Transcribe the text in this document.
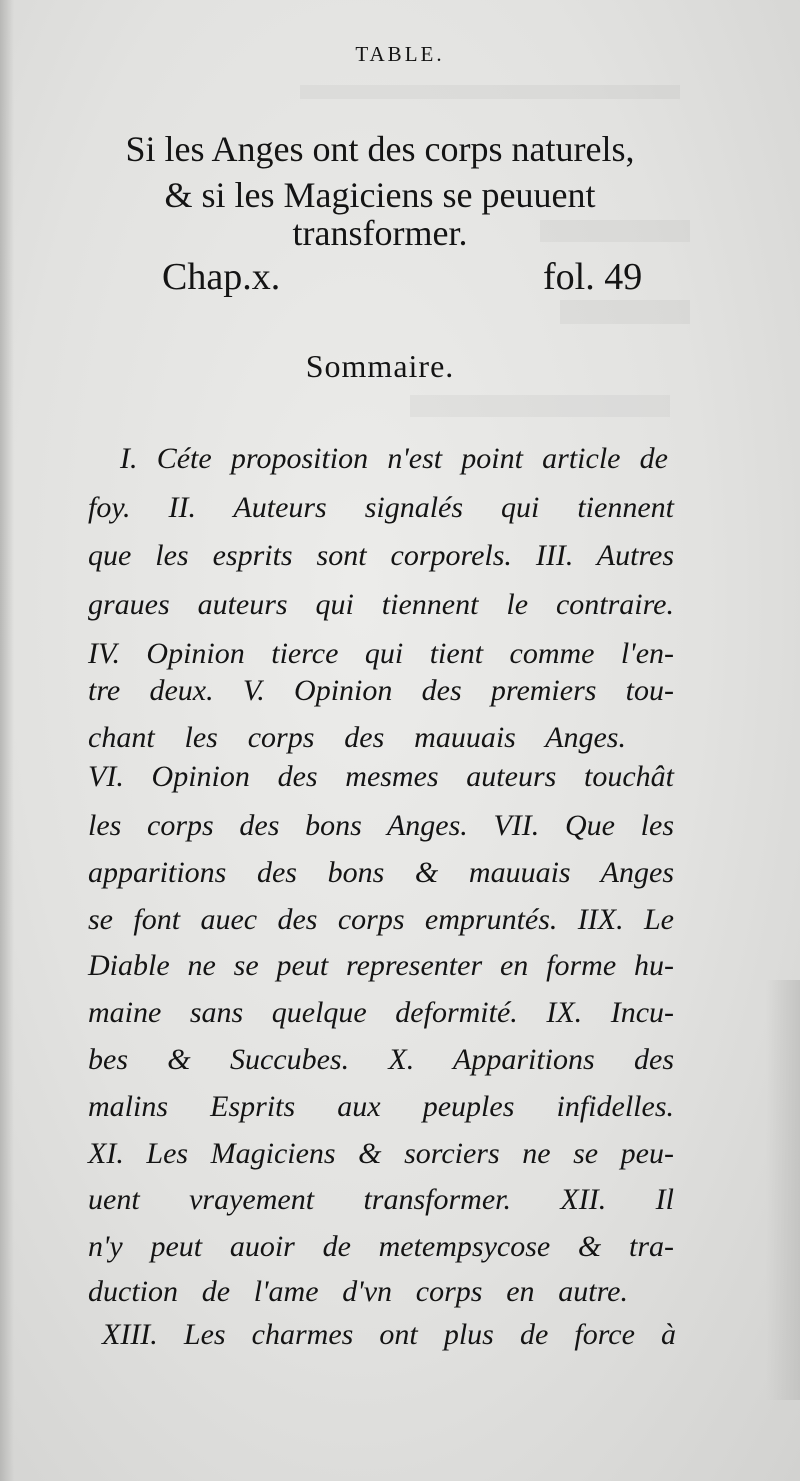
TABLE.
Si les Anges ont des corps naturels,
& si les Magiciens se peuuent
transformer.
Chap.x.	fol. 49
Sommaire.
I. Céte proposition n'est point article de
foy. II. Auteurs signalés qui tiennent
que les esprits sont corporels. III. Autres
graues auteurs qui tiennent le contraire.
IV. Opinion tierce qui tient comme l'en-
tre deux. V. Opinion des premiers tou-
chant les corps des mauuais Anges.
VI. Opinion des mesmes auteurs touchât
les corps des bons Anges. VII. Que les
apparitions des bons & mauuais Anges
se font auec des corps empruntés. IIX. Le
Diable ne se peut representer en forme hu-
maine sans quelque deformité. IX. Incu-
bes & Succubes. X. Apparitions des
malins Esprits aux peuples infidelles.
XI. Les Magiciens & sorciers ne se peu-
uent vrayement transformer. XII. Il
n'y peut auoir de metempsycose & tra-
duction de l'ame d'vn corps en autre.
XIII. Les charmes ont plus de force à
